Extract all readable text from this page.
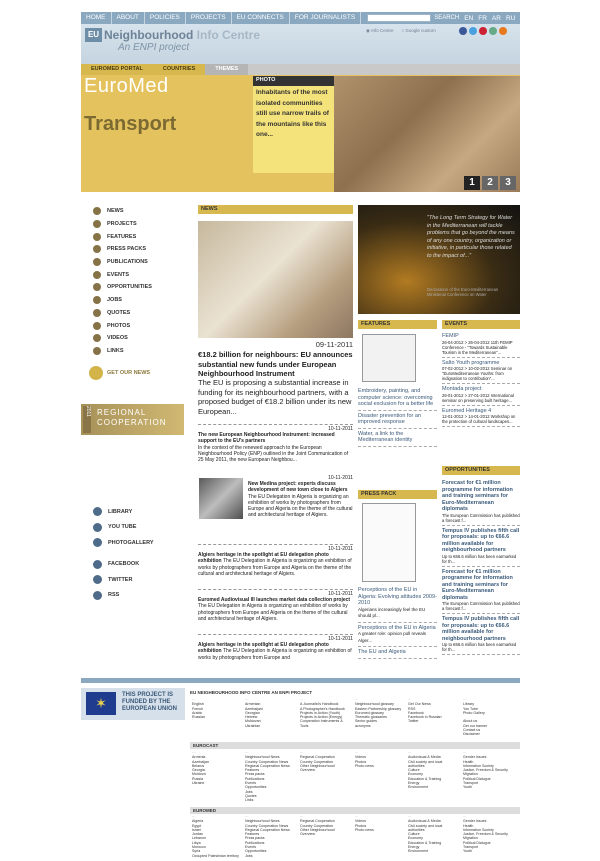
HOME	ABOUT	POLICIES	PROJECTS	EU CONNECTS	FOR JOURNALISTS	SEARCH EN FR AR RU
EU Neighbourhood Info Centre
An ENPI project
◉ Info Centre ○ Google custom
EUROMED PORTAL	COUNTRIES	THEMES
EuroMed
Transport
PHOTO
Inhabitants of the most isolated communities still use narrow trails of the mountains like this one...
1	2	3
NEWS
PROJECTS
FEATURES
PRESS PACKS
PUBLICATIONS
EVENTS
OPPORTUNITIES
JOBS
QUOTES
PHOTOS
VIDEOS
LINKS
GET OUR NEWS
2011 REGIONAL
COOPERATION
LIBRARY
YOU TUBE
PHOTOGALLERY
FACEBOOK
TWITTER
RSS
NEWS
09-11-2011
€18.2 billion for neighbours: EU announces substantial new funds under European Neighbourhood Instrument
The EU is proposing a substantial increase in funding for its neighbourhood partners, with a proposed budget of €18.2 billion under its new European...
10-11-2011
The new European Neighbourhood Instrument: increased support to the EU's partners
In the context of the renewed approach to the European Neighbourhood Policy (ENP) outlined in the Joint Communication of 25 May 2011, the new European Neighbou...
10-11-2011
New Medina project: experts discuss development of new town close to Algiers The EU Delegation in Algeria is organizing an exhibition of works by photographers from Europe and Algeria on the theme of the cultural and architectural heritage of Algiers.
10-11-2011
Algiers heritage in the spotlight at EU delegation photo exhibition The EU Delegation in Algeria is organizing an exhibition of works by photographers from Europe and Algeria on the theme of the cultural and architectural heritage of Algiers.
10-11-2011
Euromed Audiovisual III launches market data collection project The EU Delegation in Algeria is organizing an exhibition of works by photographers from Europe and Algeria on the theme of the cultural and architectural heritage of Algiers.
10-11-2011
Algiers heritage in the spotlight at EU delegation photo exhibition The EU Delegation in Algeria is organizing an exhibition of works by photographers from Europe and
"The Long Term Strategy for Water in the Mediterranean will tackle problems that go beyond the means of any one country, organization or initiative, in particular those related to the impact of..."
Declaration of the Euro-Mediterranean Ministerial Conference on Water
FEATURES
Embroidery, painting, and computer science: overcoming social exclusion for a better life
Disaster prevention for an improved response
Water, a link to the Mediterranean identity
PRESS PACK
Perceptions of the EU in Algeria: Evolving attitudes 2009-2010
Algerians increasingly feel the EU should pl...
Perceptions of the EU in Algeria
A greater role: opinion poll reveals Alger...
The EU and Algeria
EVENTS
FEMIP
26-04-2012 > 26-04-2012 11th FEMIP Conference - "Towards Sustainable Tourism in the Mediterranean"...
Salto Youth programme
07-02-2012 > 10-02-2012 Seminar on "EuroMediterranean Youths: from indignation to contribution"...
Montada project
26-01-2012 > 27-01-2012 International seminar on preserving built heritage...
Euromed Heritage 4
12-01-2012 > 14-01-2012 Workshop on the protection of cultural landscapes...
OPPORTUNITIES
Forecast for €1 million programme for information and training seminars for Euro-Mediterranean diplomats
The European Commission has published a forecast f...
Tempus IV publishes fifth call for proposals: up to €66.6 million available for neighbourhood partners
Up to €66.6 million has been earmarked for th...
Forecast for €1 million programme for information and training seminars for Euro-Mediterranean diplomats
The European Commission has published a forecast f...
Tempus IV publishes fifth call for proposals: up to €66.6 million available for neighbourhood partners
Up to €66.6 million has been earmarked for th...
✶	THIS PROJECT IS FUNDED BY THE EUROPEAN UNION
EU NEIGHBOURHOOD INFO CENTRE AN ENPI PROJECT
···
English
French
Arabic
Russian
···
Armenian
Azerbaijani
Georgian
Hebrew
Moldovan
Ukrainian
···
A Journalist's Handbook
A Photographer's Handbook
Projects in Action (Youth)
Projects in Action (Energy)
Cooperation Instruments &
Tools
···
Neighbourhood glossary
Eastern Partnership glossary
Euromed glossary
Thematic glossaries
Sector guides
acronyms
···
Get Our News
RSS
Facebook
Facebook in Russian
Twitter
···
Library
You Tube
Photo Gallery

About us
Get our banner
Contact us
Disclaimer
EUROCAST
···
Armenia
Azerbaijan
Belarus
Georgia
Moldova
Russia
Ukraine
···
Neighbourhood News
Country Cooperation News
Regional Cooperation News
Features
Press packs
Publications
Events
Opportunities
Jobs
Quotes
Links
···
Regional Cooperation
Country Cooperation
Other Neighbourhood
Overview
···
Videos
Photos
Photo news
···
Audiovisual & Media
Civil society and local
authorities
Culture
Economy
Education & Training
Energy
Environment
···
Gender Issues
Health
Information Society
Justice, Freedom & Security
Migration
Political Dialogue
Transport
Youth
EUROMED
···
Algeria
Egypt
Israel
Jordan
Lebanon
Libya
Morocco
Syria
Occupied Palestinian territory
···
Neighbourhood News
Country Cooperation News
Regional Cooperation News
Features
Press packs
Publications
Events
Opportunities
Jobs
···
Regional Cooperation
Country Cooperation
Other Neighbourhood
Overview
···
Videos
Photos
Photo news
···
Audiovisual & Media
Civil society and local
authorities
Culture
Economy
Education & Training
Energy
Environment
···
Gender Issues
Health
Information Society
Justice, Freedom & Security
Migration
Political Dialogue
Transport
Youth
